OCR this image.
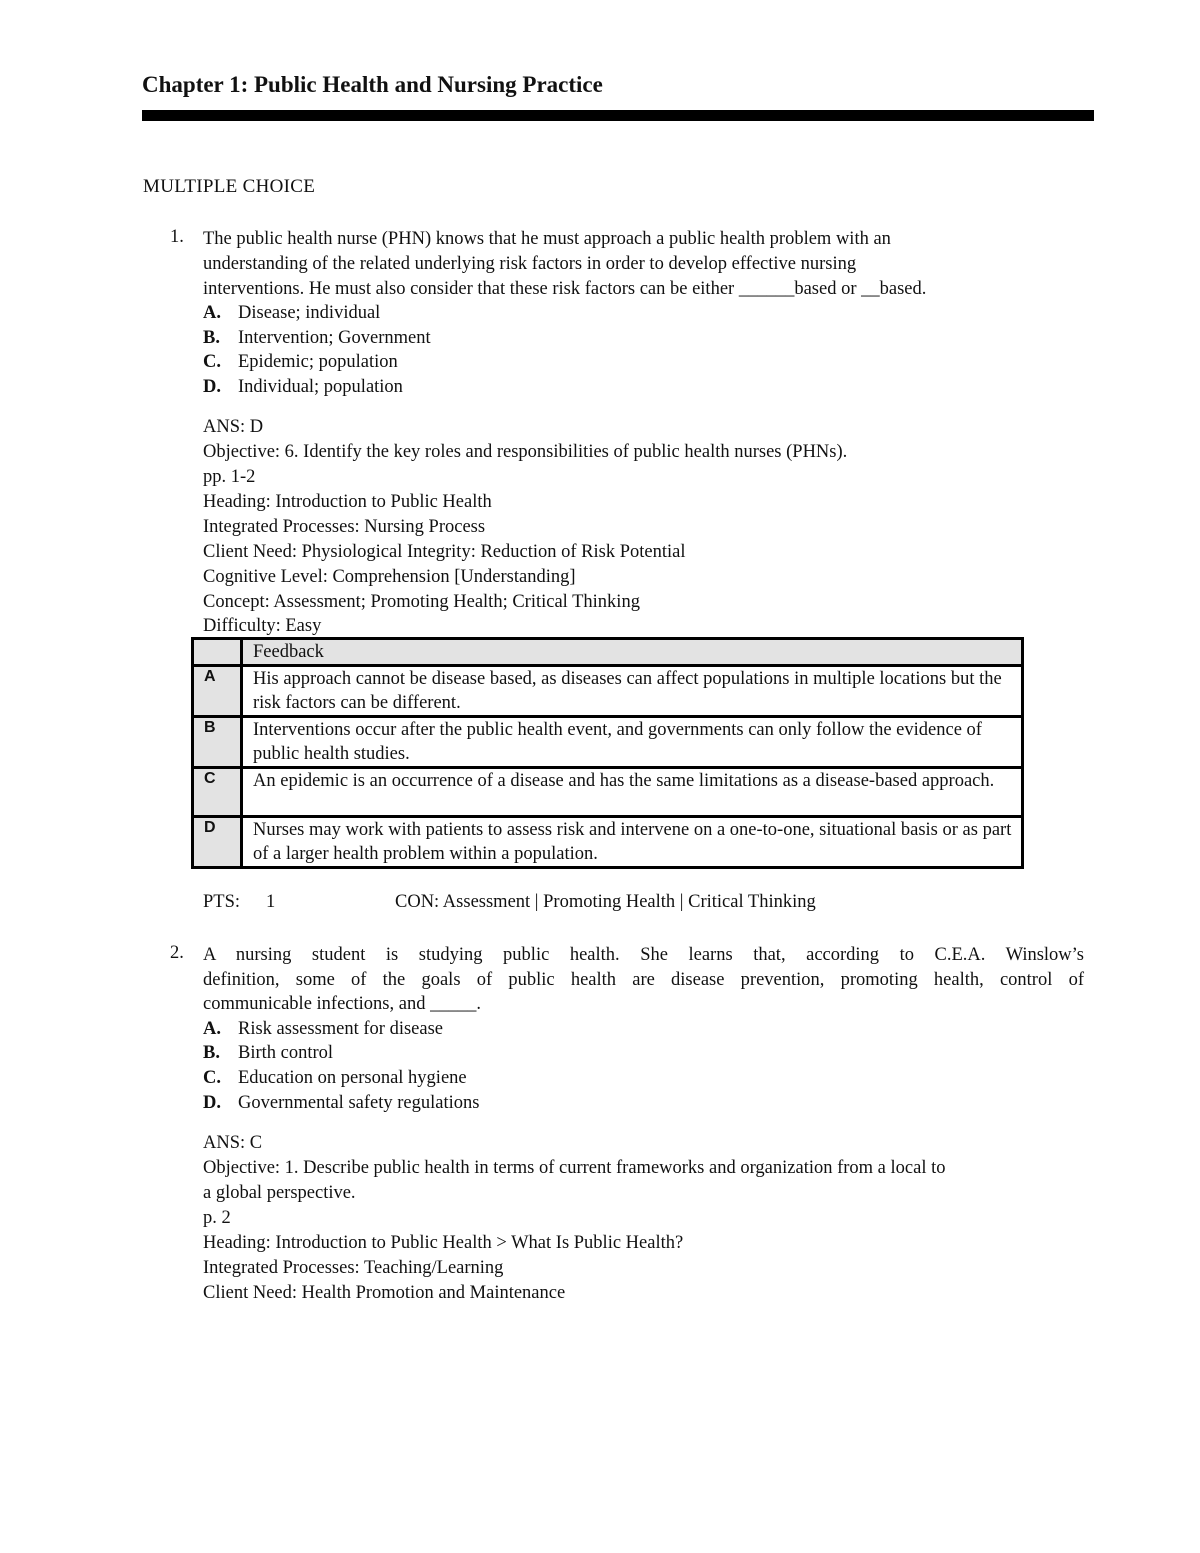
Chapter 1: Public Health and Nursing Practice
MULTIPLE CHOICE
1. The public health nurse (PHN) knows that he must approach a public health problem with an
understanding of the related underlying risk factors in order to develop effective nursing
interventions. He must also consider that these risk factors can be either ______based or __based.
A. Disease; individual
B. Intervention; Government
C. Epidemic; population
D. Individual; population
ANS: D
Objective: 6. Identify the key roles and responsibilities of public health nurses (PHNs).
pp. 1-2
Heading: Introduction to Public Health
Integrated Processes: Nursing Process
Client Need: Physiological Integrity: Reduction of Risk Potential
Cognitive Level: Comprehension [Understanding]
Concept: Assessment; Promoting Health; Critical Thinking
Difficulty: Easy
	Feedback
A	His approach cannot be disease based, as diseases can affect populations in multiple locations but the risk factors can be different.
B	Interventions occur after the public health event, and governments can only follow the evidence of public health studies.
C	An epidemic is an occurrence of a disease and has the same limitations as a disease-based approach.
D	Nurses may work with patients to assess risk and intervene on a one-to-one, situational basis or as part of a larger health problem within a population.
PTS: 1	CON: Assessment | Promoting Health | Critical Thinking
2. A nursing student is studying public health. She learns that, according to C.E.A. Winslow’s
definition, some of the goals of public health are disease prevention, promoting health, control of
communicable infections, and _____.
A. Risk assessment for disease
B. Birth control
C. Education on personal hygiene
D. Governmental safety regulations
ANS: C
Objective: 1. Describe public health in terms of current frameworks and organization from a local to
a global perspective.
p. 2
Heading: Introduction to Public Health > What Is Public Health?
Integrated Processes: Teaching/Learning
Client Need: Health Promotion and Maintenance
